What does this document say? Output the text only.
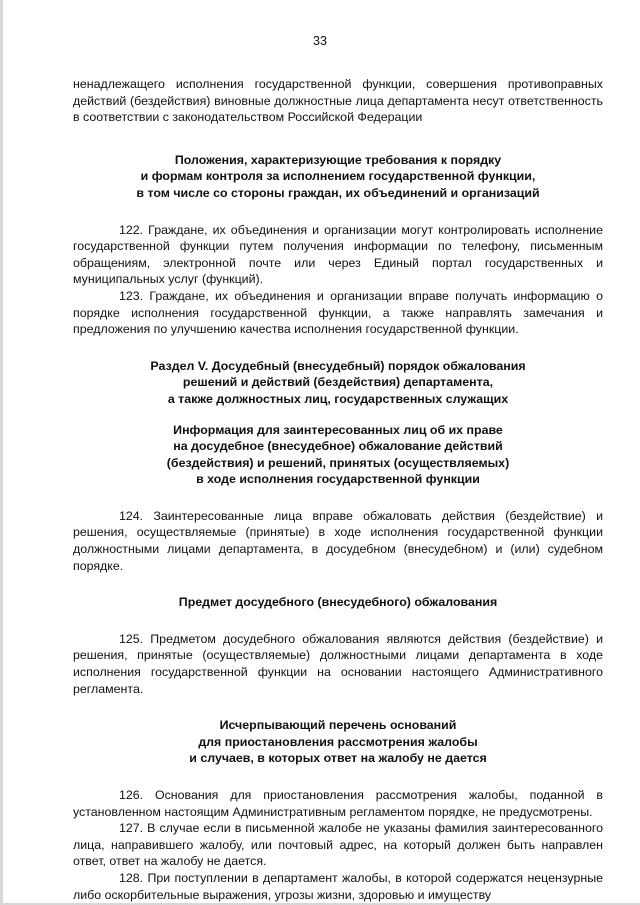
33

ненадлежащего исполнения государственной функции, совершения противоправных действий (бездействия) виновные должностные лица департамента несут ответственность в соответствии с законодательством Российской Федерации

Положения, характеризующие требования к порядку

и формам контроля за исполнением государственной функции,

в том числе со стороны граждан, их объединений и организаций

122. Граждане, их объединения и организации могут контролировать исполнение государственной функции путем получения информации по телефону, письменным обращениям, электронной почте или через Единый портал государственных и муниципальных услуг (функций).

123. Граждане, их объединения и организации вправе получать информацию о порядке исполнения государственной функции, а также направлять замечания и предложения по улучшению качества исполнения государственной функции.

Раздел V. Досудебный (внесудебный) порядок обжалования

решений и действий (бездействия) департамента,

а также должностных лиц, государственных служащих

Информация для заинтересованных лиц об их праве

на досудебное (внесудебное) обжалование действий

(бездействия) и решений, принятых (осуществляемых)

в ходе исполнения государственной функции

124. Заинтересованные лица вправе обжаловать действия (бездействие) и решения, осуществляемые (принятые) в ходе исполнения государственной функции должностными лицами департамента, в досудебном (внесудебном) и (или) судебном порядке.

Предмет досудебного (внесудебного) обжалования

125. Предметом досудебного обжалования являются действия (бездействие) и решения, принятые (осуществляемые) должностными лицами департамента в ходе исполнения государственной функции на основании настоящего Административного регламента.

Исчерпывающий перечень оснований

для приостановления рассмотрения жалобы

и случаев, в которых ответ на жалобу не дается

126. Основания для приостановления рассмотрения жалобы, поданной в установленном настоящим Административным регламентом порядке, не предусмотрены.

127. В случае если в письменной жалобе не указаны фамилия заинтересованного лица, направившего жалобу, или почтовый адрес, на который должен быть направлен ответ, ответ на жалобу не дается.

128. При поступлении в департамент жалобы, в которой содержатся нецензурные либо оскорбительные выражения, угрозы жизни, здоровью и имуществу
